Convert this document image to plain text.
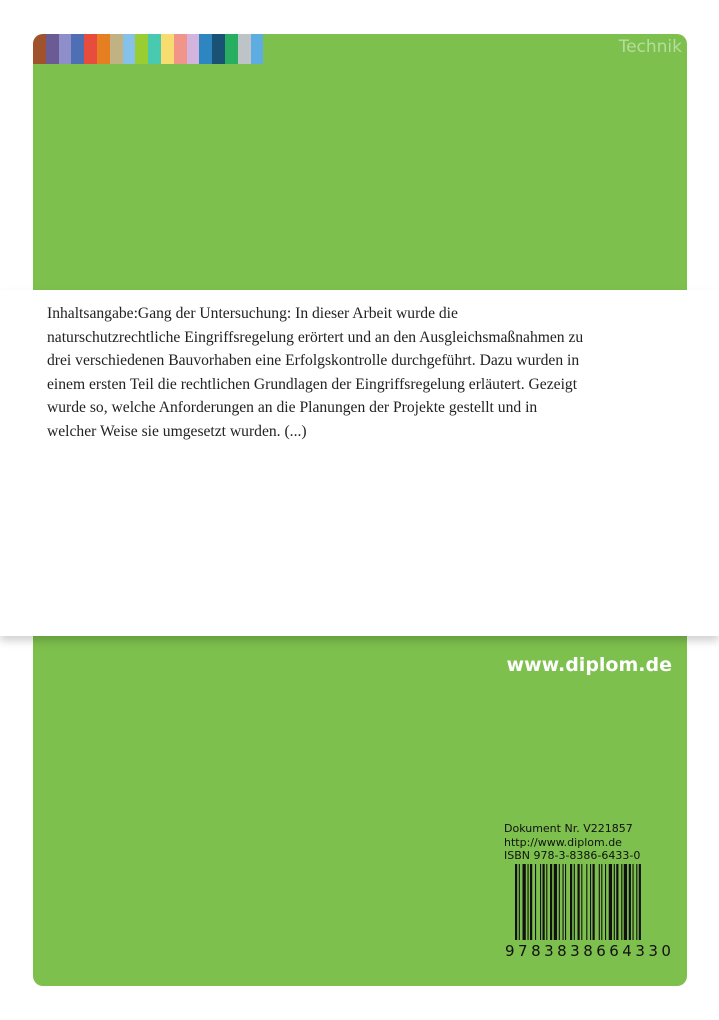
Technik

Inhaltsangabe:Gang der Untersuchung: In dieser Arbeit wurde die naturschutzrechtliche Eingriffsregelung erörtert und an den Ausgleichsmaßnahmen zu drei verschiedenen Bauvorhaben eine Erfolgskontrolle durchgeführt. Dazu wurden in einem ersten Teil die rechtlichen Grundlagen der Eingriffsregelung erläutert. Gezeigt wurde so, welche Anforderungen an die Planungen der Projekte gestellt und in welcher Weise sie umgesetzt wurden. (...)

www.diplom.de
Dokument Nr. V221857
http://www.diplom.de
ISBN 978-3-8386-6433-0
9 7 8 3 8 3 8 6 6 4 3 3 0
